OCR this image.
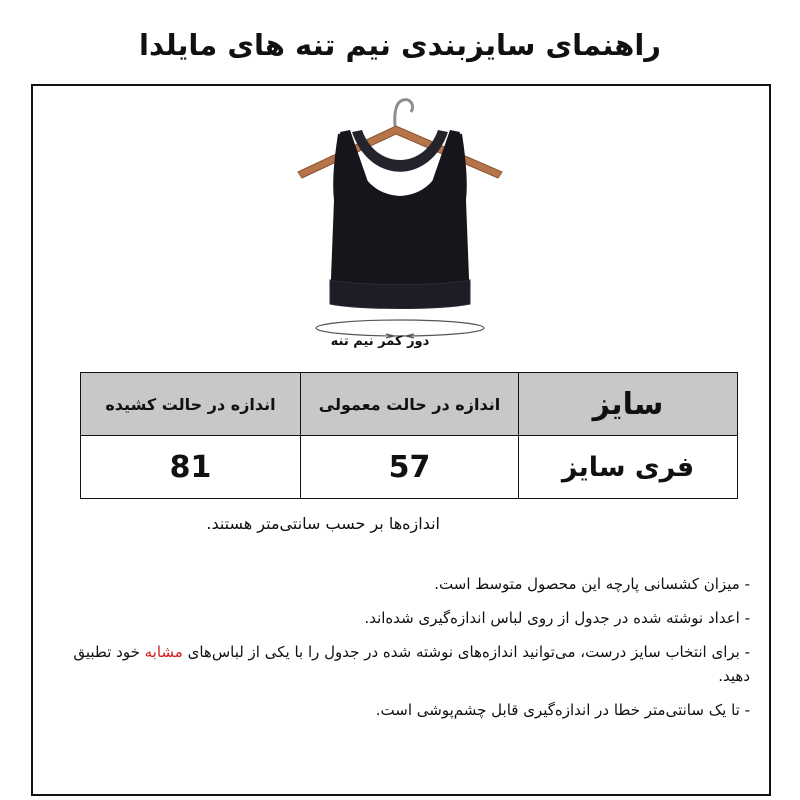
راهنمای سایزبندی نیم تنه های مایلدا
دور کمر نیم تنه
سایز	اندازه در حالت معمولی	اندازه در حالت کشیده
فری سایز	57	81
اندازه‌ها بر حسب سانتی‌متر هستند.
- میزان کشسانی پارچه این محصول متوسط است.
- اعداد نوشته شده در جدول از روی لباس اندازه‌گیری شده‌اند.
- برای انتخاب سایز درست، می‌توانید اندازه‌های نوشته شده در جدول را با یکی از لباس‌های مشابه خود تطبیق دهید.
- تا یک سانتی‌متر خطا در اندازه‌گیری قابل چشم‌پوشی است.
